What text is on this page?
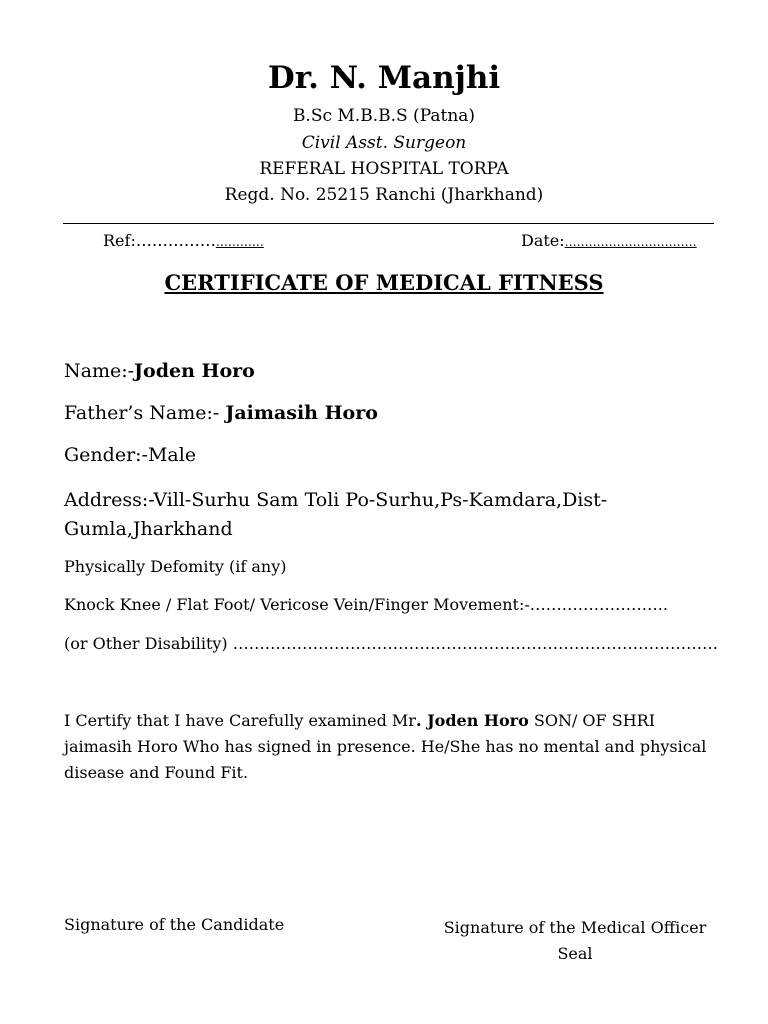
Dr. N. Manjhi
B.Sc M.B.B.S (Patna)
Civil Asst. Surgeon
REFERAL HOSPITAL TORPA
Regd. No. 25215 Ranchi (Jharkhand)
Ref:………………………	Date:……………………………
CERTIFICATE OF MEDICAL FITNESS
Name:-Joden Horo
Father’s Name:- Jaimasih Horo
Gender:-Male
Address:-Vill-Surhu Sam Toli Po-Surhu,Ps-Kamdara,Dist-Gumla,Jharkhand
Physically Defomity (if any)
Knock Knee / Flat Foot/ Vericose Vein/Finger Movement:-……………………..
(or Other Disability) ……………………………………………………………………………….
I Certify that I have Carefully examined Mr. Joden Horo SON/ OF SHRI jaimasih Horo Who has signed in presence. He/She has no mental and physical disease and Found Fit.
Signature of the Candidate	Signature of the Medical Officer
Seal
